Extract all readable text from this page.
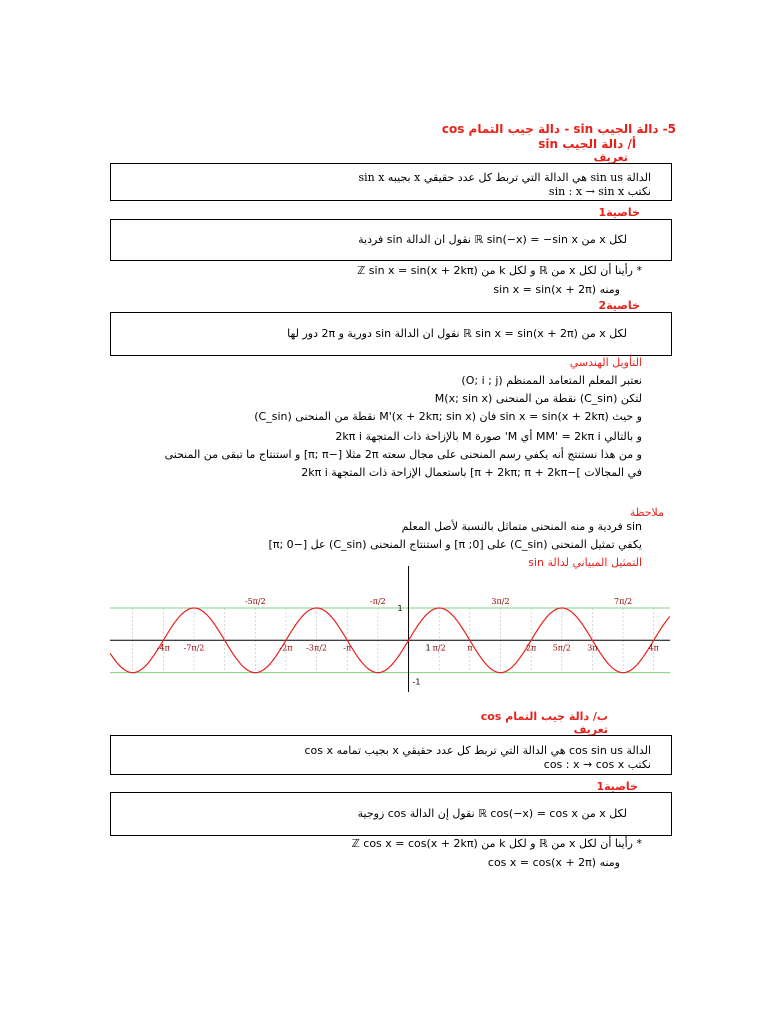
5- دالة الجيب sin - دالة جيب التمام cos
أ/ دالة الجيب sin
تعريف
الدالة sin us هي الدالة التي تربط كل عدد حقيقي x بجيبه sin x
نكتب sin : x → sin x
خاصية1
لكل x من ℝ sin(−x) = −sin x نقول ان الدالة sin فردية
* رأينا أن لكل x من ℝ و لكل k من ℤ sin x = sin(x + 2kπ)
ومنه sin x = sin(x + 2π)
خاصية2
لكل x من ℝ sin x = sin(x + 2π) نقول ان الدالة sin دورية و 2π دور لها
التأويل الهندسي
نعتبر المعلم المتعامد الممنظم (O; i ; j)
لتكن (C_sin) نقطة من المنحنى M(x; sin x)
و حيث sin x = sin(x + 2kπ) فان M'(x + 2kπ; sin x) نقطة من المنحنى (C_sin)
و بالتالي MM' = 2kπ i أي M' صورة M بالإزاحة ذات المتجهة 2kπ i
و من هذا نستنتج أنه يكفي رسم المنحنى على مجال سعته 2π مثلا [−π; π] و استنتاج ما تبقى من المنحنى
في المجالات ]−π + 2kπ; π + 2kπ] باستعمال الإزاحة ذات المتجهة 2kπ i
ملاحظة
sin فردية و منه المنحنى متماثل بالنسبة لأصل المعلم
يكفي تمثيل المنحنى (C_sin) على [0; π] و استنتاج المنحنى (C_sin) عل [−π; 0]
التمثيل المبياني لدالة sin
-5π/2	-π/2	3π/2	7π/2
-4π -7π/2	-2π -3π/2 -π	π/2	π	2π 5π/2 3π	4π
1
-1
1
ب/ دالة جيب التمام cos
تعريف
الدالة cos sin us هي الدالة التي تربط كل عدد حقيقي x بجيب تمامه cos x
نكتب cos : x → cos x
خاصية1
لكل x من ℝ cos(−x) = cos x نقول إن الدالة cos زوجية
* رأينا أن لكل x من ℝ و لكل k من ℤ cos x = cos(x + 2kπ)
ومنه cos x = cos(x + 2π)
